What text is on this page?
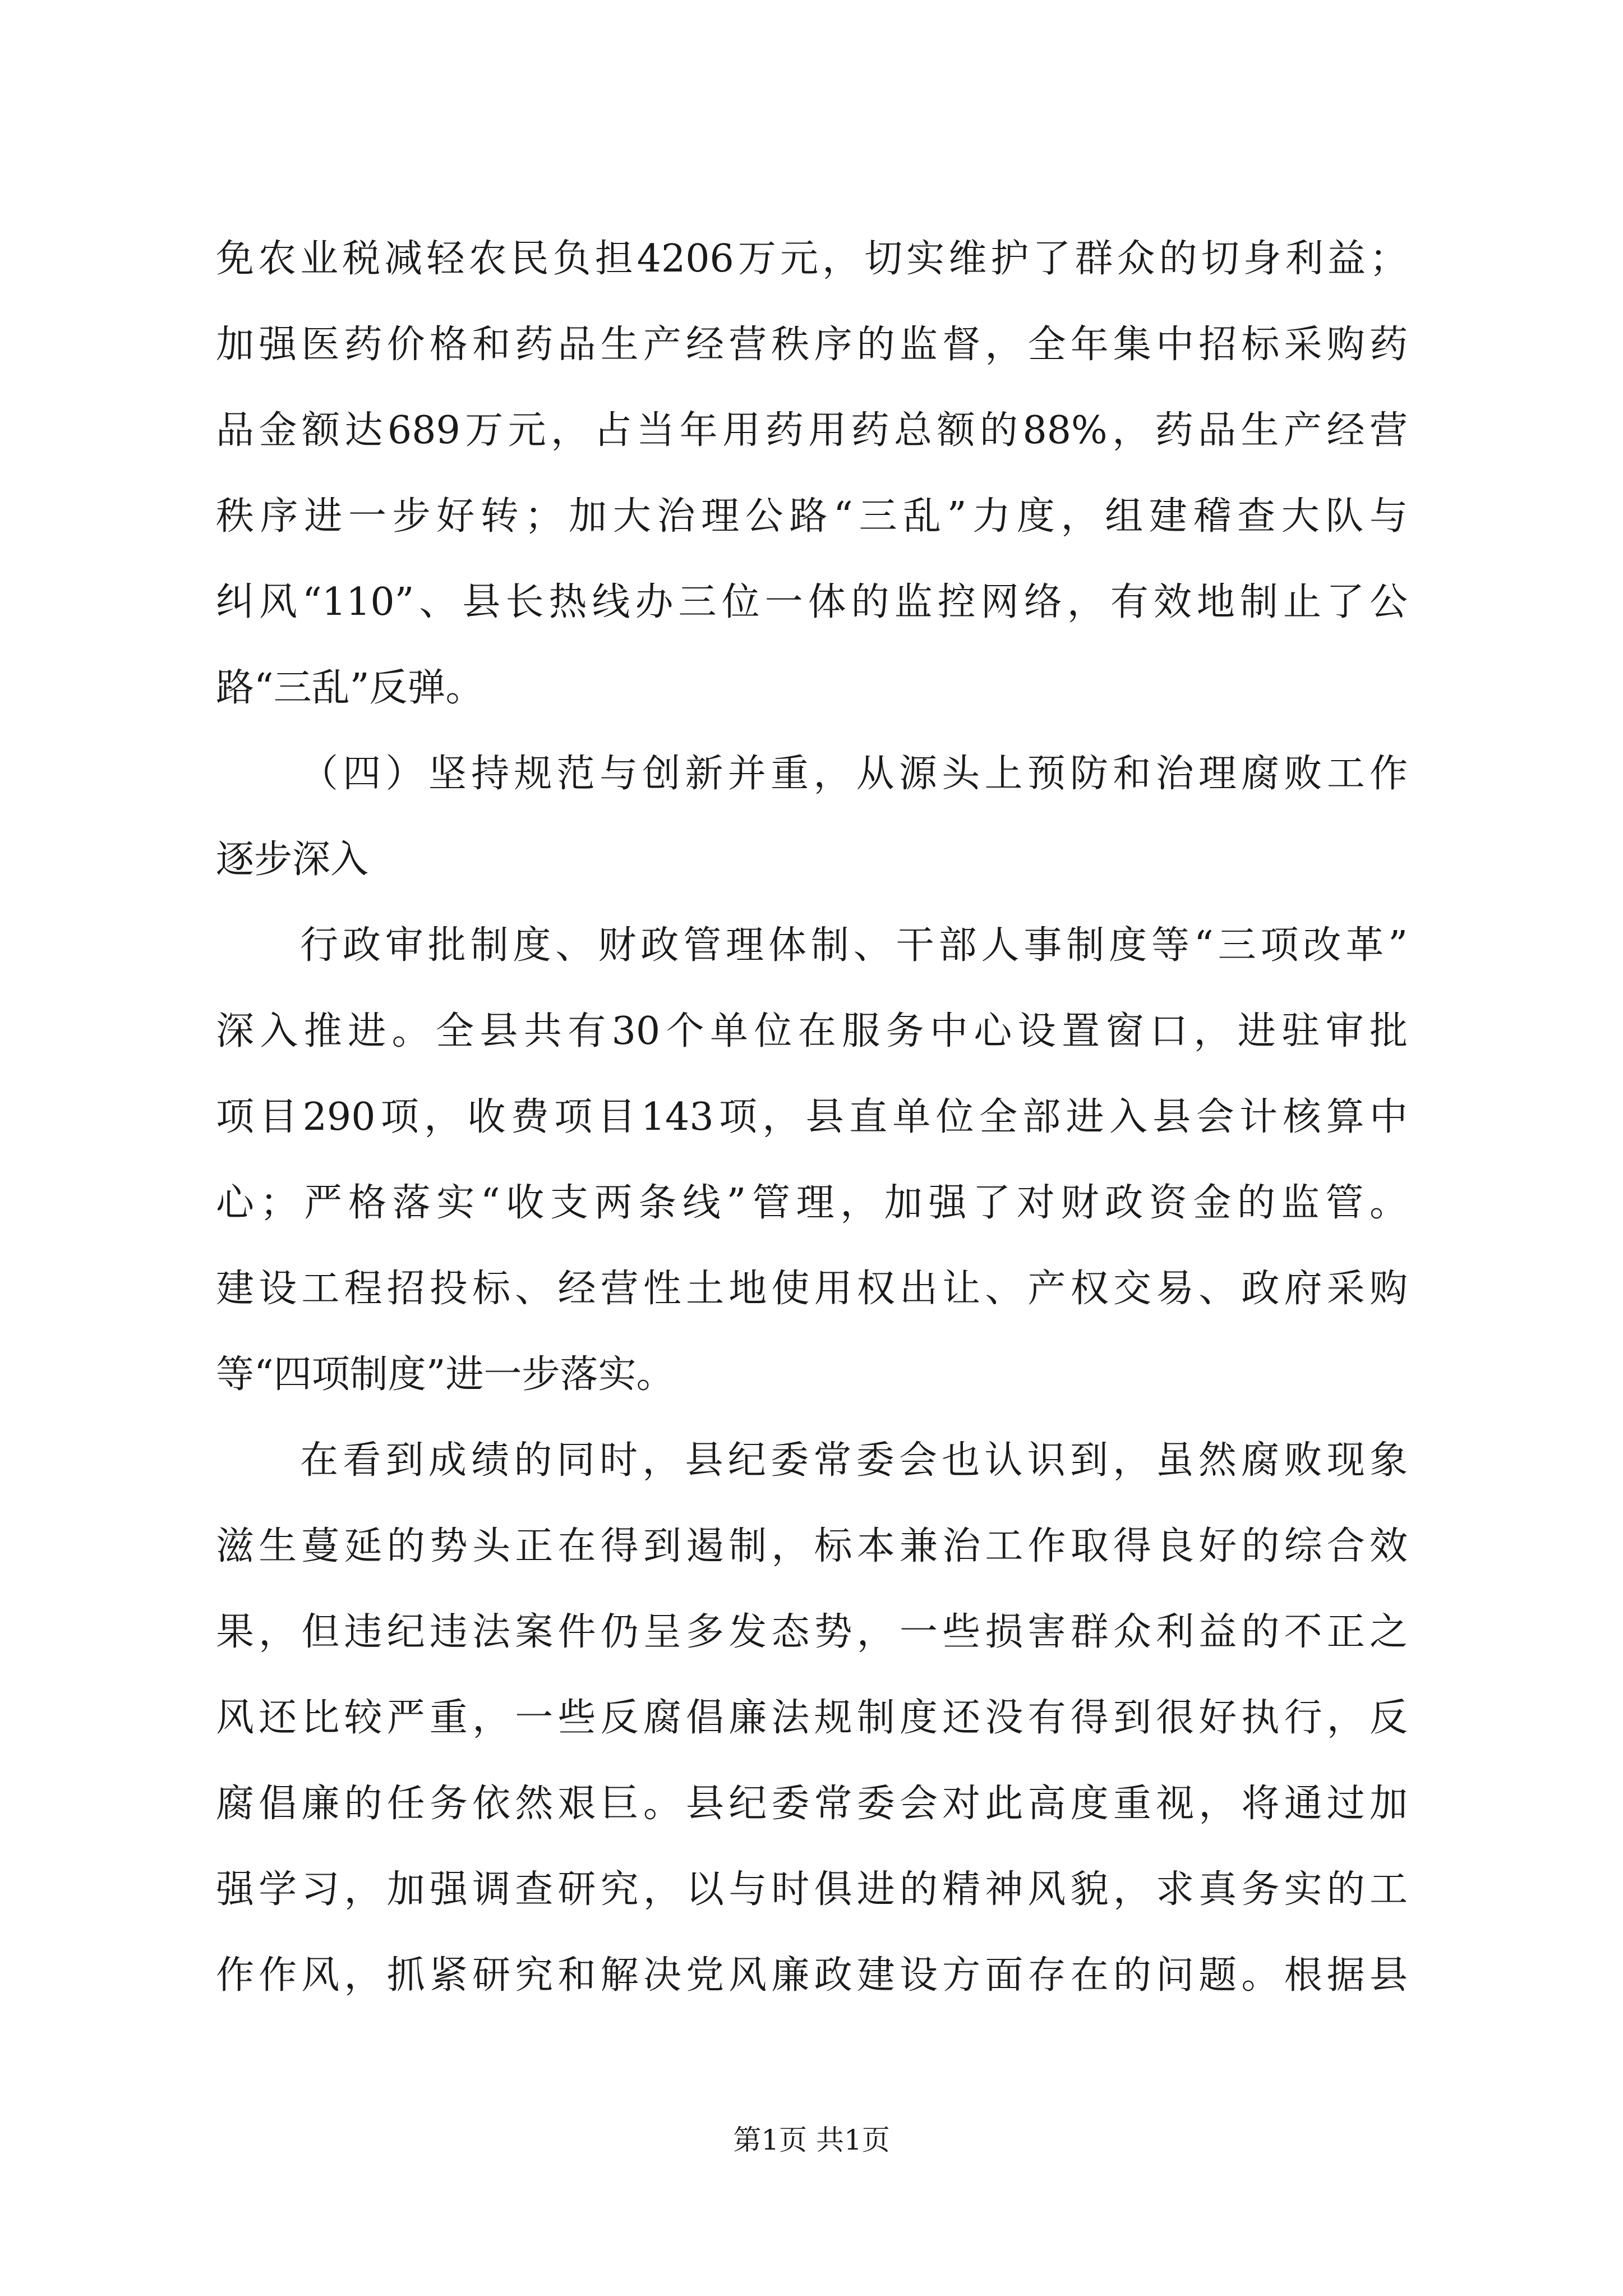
免农业税减轻农民负担4206万元，切实维护了群众的切身利益；
加强医药价格和药品生产经营秩序的监督，全年集中招标采购药
品金额达689万元，占当年用药用药总额的88%，药品生产经营
秩序进一步好转；加大治理公路“三乱”力度，组建稽查大队与
纠风“110”、县长热线办三位一体的监控网络，有效地制止了公
路“三乱”反弹。
（四）坚持规范与创新并重，从源头上预防和治理腐败工作
逐步深入
行政审批制度、财政管理体制、干部人事制度等“三项改革”
深入推进。全县共有30个单位在服务中心设置窗口，进驻审批
项目290项，收费项目143项，县直单位全部进入县会计核算中
心；严格落实“收支两条线”管理，加强了对财政资金的监管。
建设工程招投标、经营性土地使用权出让、产权交易、政府采购
等“四项制度”进一步落实。
在看到成绩的同时，县纪委常委会也认识到，虽然腐败现象
滋生蔓延的势头正在得到遏制，标本兼治工作取得良好的综合效
果，但违纪违法案件仍呈多发态势，一些损害群众利益的不正之
风还比较严重，一些反腐倡廉法规制度还没有得到很好执行，反
腐倡廉的任务依然艰巨。县纪委常委会对此高度重视，将通过加
强学习，加强调查研究，以与时俱进的精神风貌，求真务实的工
作作风，抓紧研究和解决党风廉政建设方面存在的问题。根据县
第1页 共1页
